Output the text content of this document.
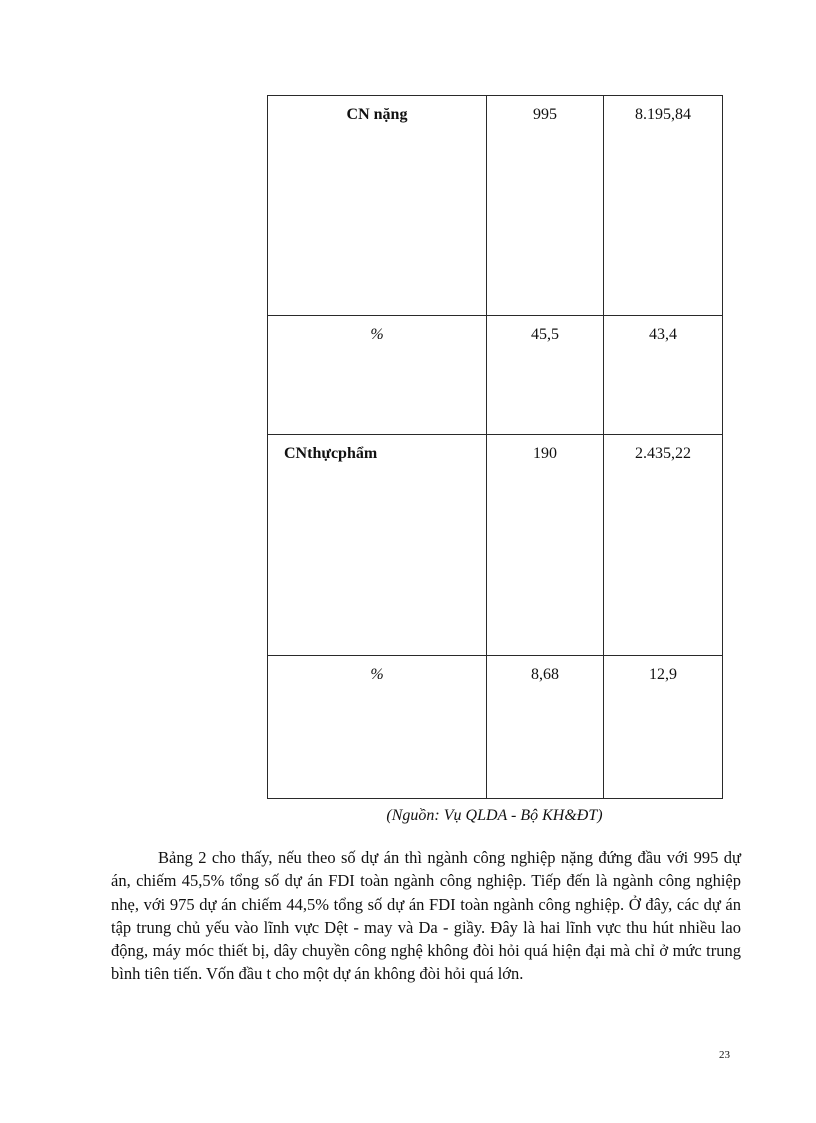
CN nặng	995	8.195,84
%	45,5	43,4
CNthựcphẩm	190	2.435,22
%	8,68	12,9
(Nguồn: Vụ QLDA - Bộ KH&ĐT)

Bảng 2 cho thấy, nếu theo số dự án thì ngành công nghiệp nặng đứng đầu với 995 dự án, chiếm 45,5% tổng số dự án FDI toàn ngành công nghiệp. Tiếp đến là ngành công nghiệp nhẹ, với 975 dự án chiếm 44,5% tổng số dự án FDI toàn ngành công nghiệp. Ở đây, các dự án tập trung chủ yếu vào lĩnh vực Dệt - may và Da - giầy. Đây là hai lĩnh vực thu hút nhiều lao động, máy móc thiết bị, dây chuyền công nghệ không đòi hỏi quá hiện đại mà chỉ ở mức trung bình tiên tiến. Vốn đầu t cho một dự án không đòi hỏi quá lớn.

23
